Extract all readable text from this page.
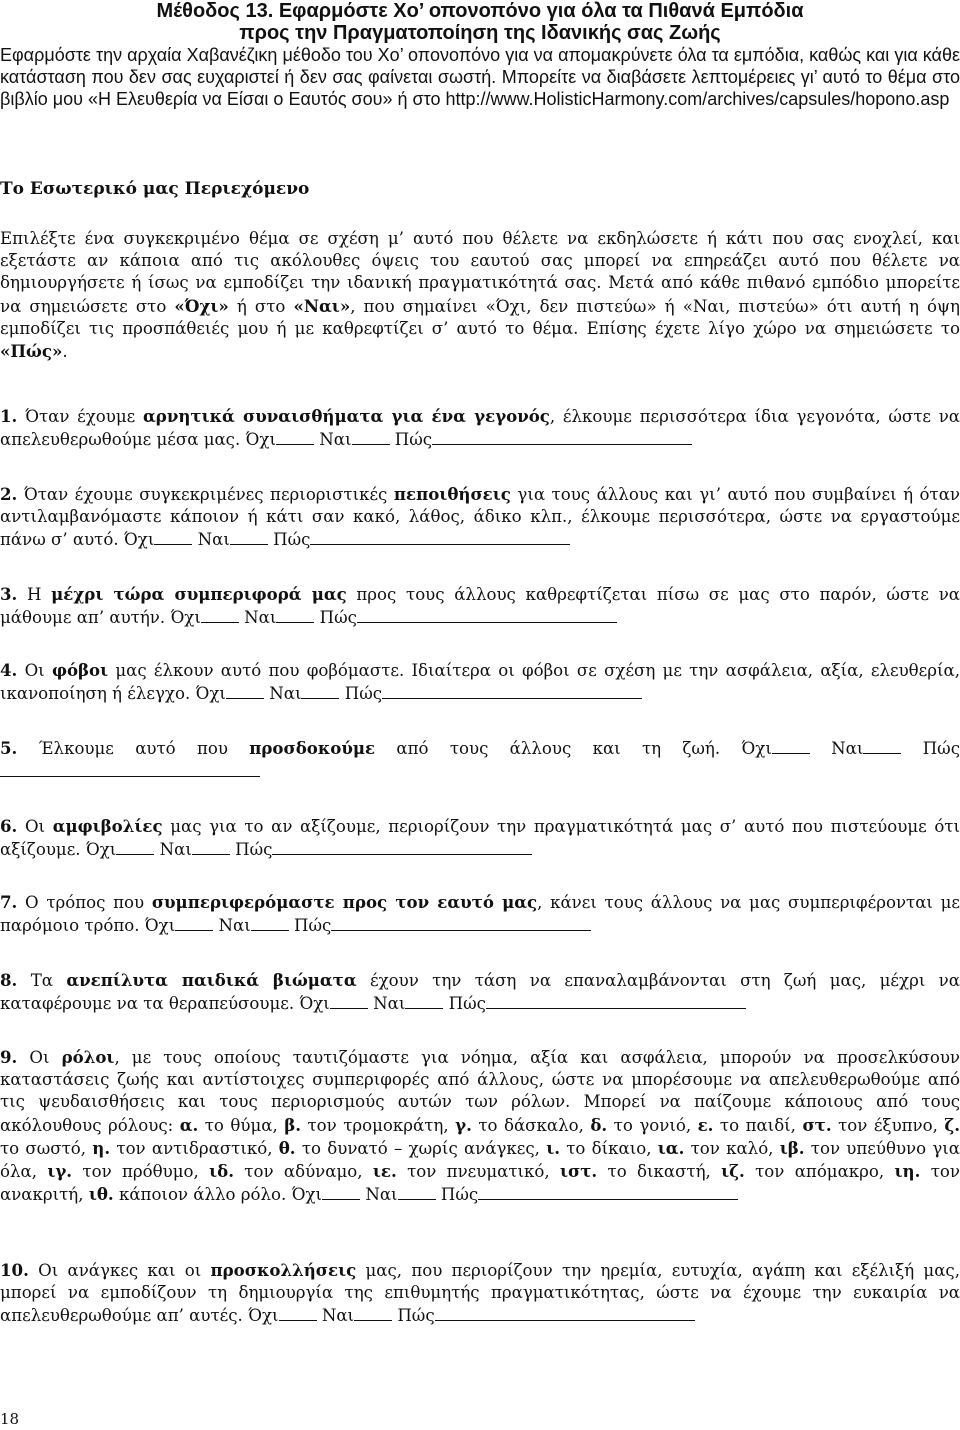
Μέθοδος 13. Εφαρμόστε Χο’ οπονοπόνο για όλα τα Πιθανά Εμπόδια
προς την Πραγματοποίηση της Ιδανικής σας Ζωής
Εφαρμόστε την αρχαία Χαβανέζικη μέθοδο του Χο’ οπονοπόνο για να απομακρύνετε όλα τα εμπόδια, καθώς και για κάθε κατάσταση που δεν σας ευχαριστεί ή δεν σας φαίνεται σωστή. Μπορείτε να διαβάσετε λεπτομέρειες γι’ αυτό το θέμα στο βιβλίο μου «Η Ελευθερία να Είσαι ο Εαυτός σου» ή στο http://www.HolisticHarmony.com/archives/capsules/hopono.asp
Το Εσωτερικό μας Περιεχόμενο
Επιλέξτε ένα συγκεκριμένο θέμα σε σχέση μ’ αυτό που θέλετε να εκδηλώσετε ή κάτι που σας ενοχλεί, και εξετάστε αν κάποια από τις ακόλουθες όψεις του εαυτού σας μπορεί να επηρεάζει αυτό που θέλετε να δημιουργήσετε ή ίσως να εμποδίζει την ιδανική πραγματικότητά σας. Μετά από κάθε πιθανό εμπόδιο μπορείτε να σημειώσετε στο «Όχι» ή στο «Ναι», που σημαίνει «Όχι, δεν πιστεύω» ή «Ναι, πιστεύω» ότι αυτή η όψη εμποδίζει τις προσπάθειές μου ή με καθρεφτίζει σ’ αυτό το θέμα. Επίσης έχετε λίγο χώρο να σημειώσετε το «Πώς».
1. Όταν έχουμε αρνητικά συναισθήματα για ένα γεγονός, έλκουμε περισσότερα ίδια γεγονότα, ώστε να απελευθερωθούμε μέσα μας. Όχι	Ναι	Πώς
2. Όταν έχουμε συγκεκριμένες περιοριστικές πεποιθήσεις για τους άλλους και γι’ αυτό που συμβαίνει ή όταν αντιλαμβανόμαστε κάποιον ή κάτι σαν κακό, λάθος, άδικο κλπ., έλκουμε περισσότερα, ώστε να εργαστούμε πάνω σ’ αυτό. Όχι	Ναι	Πώς
3. Η μέχρι τώρα συμπεριφορά μας προς τους άλλους καθρεφτίζεται πίσω σε μας στο παρόν, ώστε να μάθουμε απ’ αυτήν. Όχι	Ναι	Πώς
4. Οι φόβοι μας έλκουν αυτό που φοβόμαστε. Ιδιαίτερα οι φόβοι σε σχέση με την ασφάλεια, αξία, ελευθερία, ικανοποίηση ή έλεγχο. Όχι	Ναι	Πώς
5. Έλκουμε αυτό που προσδοκούμε από τους άλλους και τη ζωή. Όχι	Ναι	Πώς
6. Οι αμφιβολίες μας για το αν αξίζουμε, περιορίζουν την πραγματικότητά μας σ’ αυτό που πιστεύουμε ότι αξίζουμε. Όχι	Ναι	Πώς
7. Ο τρόπος που συμπεριφερόμαστε προς τον εαυτό μας, κάνει τους άλλους να μας συμπεριφέρονται με παρόμοιο τρόπο. Όχι	Ναι	Πώς
8. Τα ανεπίλυτα παιδικά βιώματα έχουν την τάση να επαναλαμβάνονται στη ζωή μας, μέχρι να καταφέρουμε να τα θεραπεύσουμε. Όχι	Ναι	Πώς
9. Οι ρόλοι, με τους οποίους ταυτιζόμαστε για νόημα, αξία και ασφάλεια, μπορούν να προσελκύσουν καταστάσεις ζωής και αντίστοιχες συμπεριφορές από άλλους, ώστε να μπορέσουμε να απελευθερωθούμε από τις ψευδαισθήσεις και τους περιορισμούς αυτών των ρόλων. Μπορεί να παίζουμε κάποιους από τους ακόλουθους ρόλους: α. το θύμα, β. τον τρομοκράτη, γ. το δάσκαλο, δ. το γονιό, ε. το παιδί, στ. τον έξυπνο, ζ. το σωστό, η. τον αντιδραστικό, θ. το δυνατό – χωρίς ανάγκες, ι. το δίκαιο, ια. τον καλό, ιβ. τον υπεύθυνο για όλα, ιγ. τον πρόθυμο, ιδ. τον αδύναμο, ιε. τον πνευματικό, ιστ. το δικαστή, ιζ. τον απόμακρο, ιη. τον ανακριτή, ιθ. κάποιον άλλο ρόλο. Όχι	Ναι	Πώς
10. Οι ανάγκες και οι προσκολλήσεις μας, που περιορίζουν την ηρεμία, ευτυχία, αγάπη και εξέλιξή μας, μπορεί να εμποδίζουν τη δημιουργία της επιθυμητής πραγματικότητας, ώστε να έχουμε την ευκαιρία να απελευθερωθούμε απ’ αυτές. Όχι	Ναι	Πώς
18
